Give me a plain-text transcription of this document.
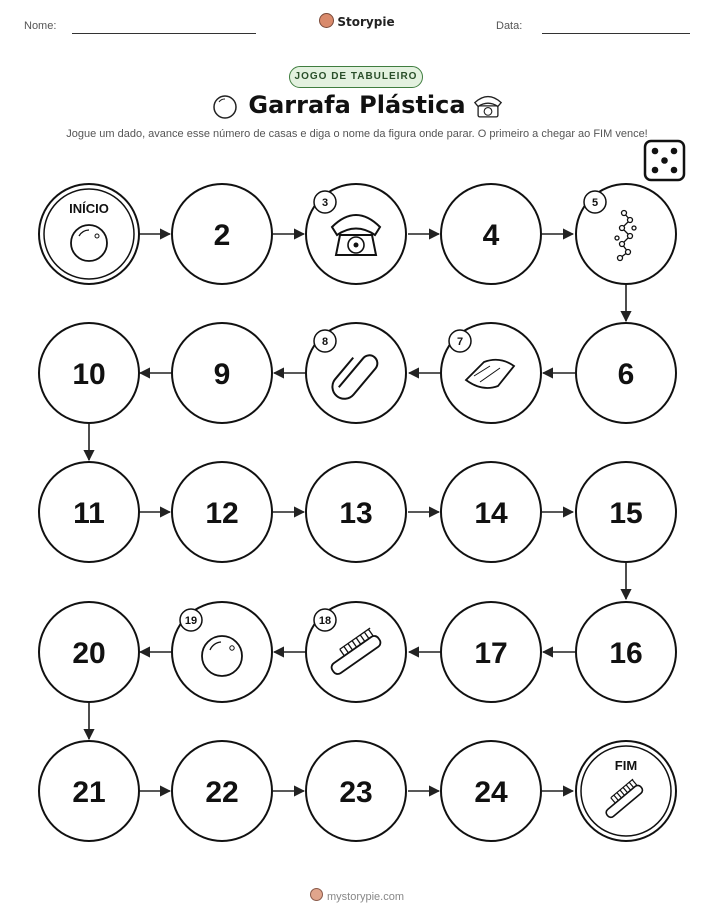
Nome:	Storypie	Data:
JOGO DE TABULEIRO
Garrafa Plástica
Jogue um dado, avance esse número de casas e diga o nome da figura onde parar. O primeiro a chegar ao FIM vence!
INÍCIO
2
3
4
5
10	9
8	7
6
11	12	13	14	15
20
19	18
17	16
21	22	23	24
FIM
mystorypie.com
